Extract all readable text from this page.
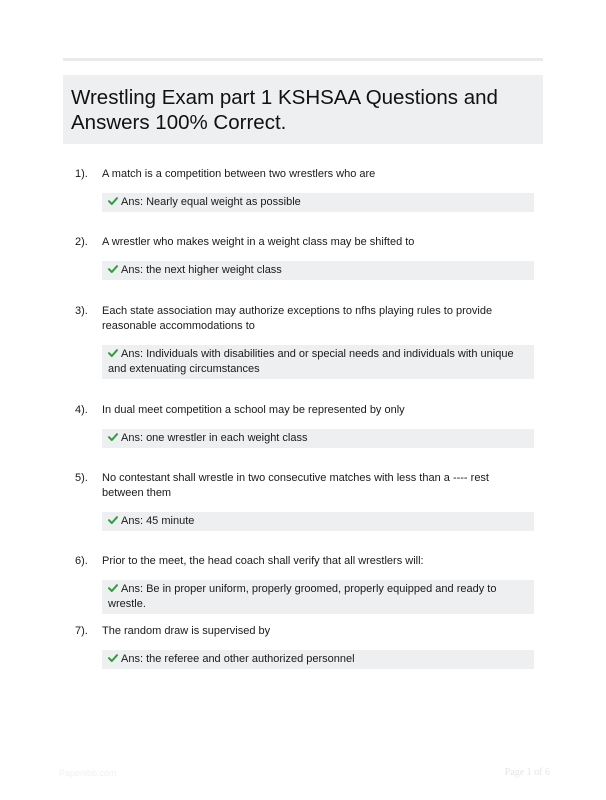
Wrestling Exam part 1 KSHSAA Questions and Answers 100% Correct.
1). A match is a competition between two wrestlers who are
Ans: Nearly equal weight as possible
2). A wrestler who makes weight in a weight class may be shifted to
Ans: the next higher weight class
3). Each state association may authorize exceptions to nfhs playing rules to provide reasonable accommodations to
Ans: Individuals with disabilities and or special needs and individuals with unique and extenuating circumstances
4). In dual meet competition a school may be represented by only
Ans: one wrestler in each weight class
5). No contestant shall wrestle in two consecutive matches with less than a ---- rest between them
Ans: 45 minute
6). Prior to the meet, the head coach shall verify that all wrestlers will:
Ans: Be in proper uniform, properly groomed, properly equipped and ready to wrestle.
7). The random draw is supervised by
Ans: the referee and other authorized personnel
Paperlibb.com	Page 1 of 6
